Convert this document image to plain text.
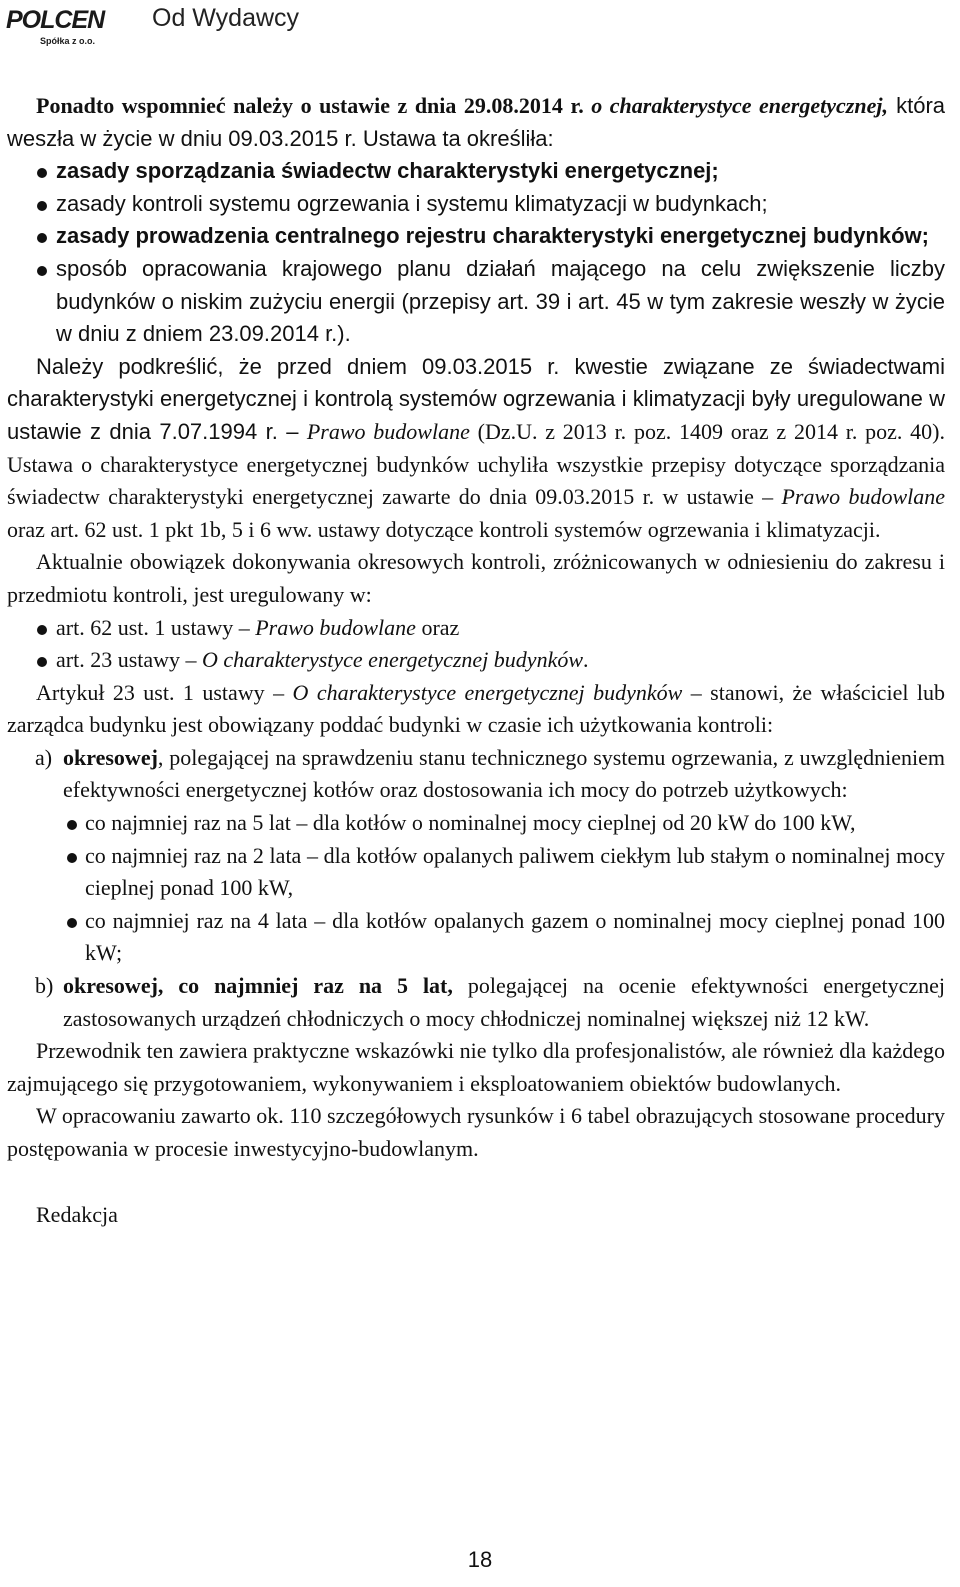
POLCEN
Spółka z o.o.
Od Wydawcy

Ponadto wspomnieć należy o ustawie z dnia 29.08.2014 r. o charakterystyce energetycznej, która weszła w życie w dniu 09.03.2015 r. Ustawa ta określiła:

zasady sporządzania świadectw charakterystyki energetycznej;

zasady kontroli systemu ogrzewania i systemu klimatyzacji w budynkach;

zasady prowadzenia centralnego rejestru charakterystyki energetycznej budynków;

sposób opracowania krajowego planu działań mającego na celu zwiększenie liczby budynków o niskim zużyciu energii (przepisy art. 39 i art. 45 w tym zakresie weszły w życie w dniu z dniem 23.09.2014 r.).

Należy podkreślić, że przed dniem 09.03.2015 r. kwestie związane ze świadectwami charakterystyki energetycznej i kontrolą systemów ogrzewania i klimatyzacji były uregulowane w ustawie z dnia 7.07.1994 r. – Prawo budowlane (Dz.U. z 2013 r. poz. 1409 oraz z 2014 r. poz. 40). Ustawa o charakterystyce energetycznej budynków uchyliła wszystkie przepisy dotyczące sporządzania świadectw charakterystyki energetycznej zawarte do dnia 09.03.2015 r. w ustawie – Prawo budowlane oraz art. 62 ust. 1 pkt 1b, 5 i 6 ww. ustawy dotyczące kontroli systemów ogrzewania i klimatyzacji.

Aktualnie obowiązek dokonywania okresowych kontroli, zróżnicowanych w odniesieniu do zakresu i przedmiotu kontroli, jest uregulowany w:

art. 62 ust. 1 ustawy – Prawo budowlane oraz

art. 23 ustawy – O charakterystyce energetycznej budynków.

Artykuł 23 ust. 1 ustawy – O charakterystyce energetycznej budynków – stanowi, że właściciel lub zarządca budynku jest obowiązany poddać budynki w czasie ich użytkowania kontroli:

a) okresowej, polegającej na sprawdzeniu stanu technicznego systemu ogrzewania, z uwzględnieniem efektywności energetycznej kotłów oraz dostosowania ich mocy do potrzeb użytkowych:

co najmniej raz na 5 lat – dla kotłów o nominalnej mocy cieplnej od 20 kW do 100 kW,

co najmniej raz na 2 lata – dla kotłów opalanych paliwem ciekłym lub stałym o nominalnej mocy cieplnej ponad 100 kW,

co najmniej raz na 4 lata – dla kotłów opalanych gazem o nominalnej mocy cieplnej ponad 100 kW;

b) okresowej, co najmniej raz na 5 lat, polegającej na ocenie efektywności energetycznej zastosowanych urządzeń chłodniczych o mocy chłodniczej nominalnej większej niż 12 kW.

Przewodnik ten zawiera praktyczne wskazówki nie tylko dla profesjonalistów, ale również dla każdego zajmującego się przygotowaniem, wykonywaniem i eksploatowaniem obiektów budowlanych.

W opracowaniu zawarto ok. 110 szczegółowych rysunków i 6 tabel obrazujących stosowane procedury postępowania w procesie inwestycyjno-budowlanym.

Redakcja

18
